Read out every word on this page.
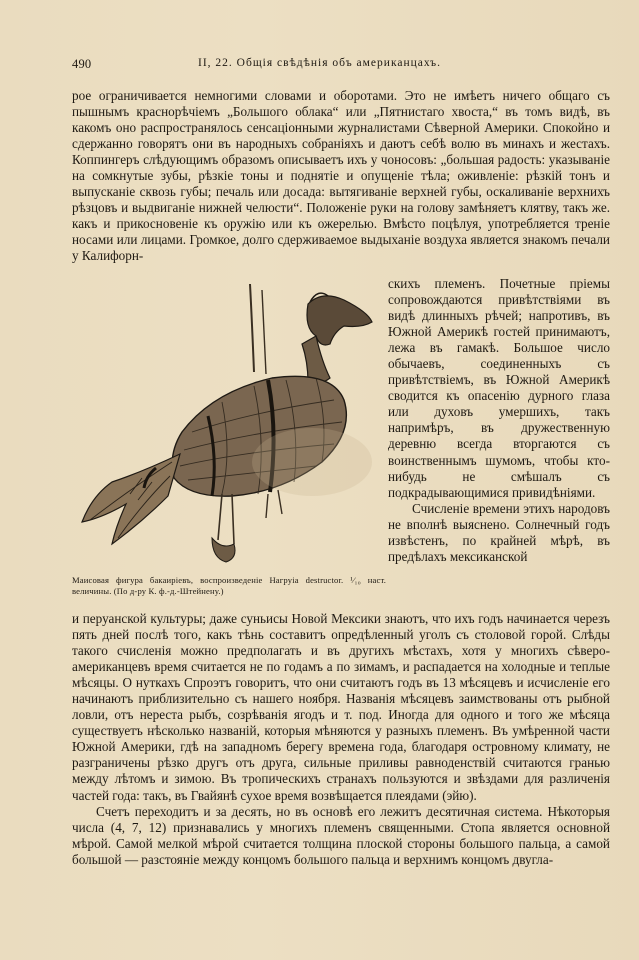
490	II, 22. Общія свѣдѣнія объ американцахъ.

рое ограничивается немногими словами и оборотами. Это не имѣетъ ничего общаго съ пышнымъ краснорѣчіемъ „Большого облака“ или „Пятнистаго хвоста,“ въ томъ видѣ, въ какомъ оно распространялось сенсаціонными журналистами Сѣверной Америки. Спокойно и сдержанно говорятъ они въ народныхъ собраніяхъ и даютъ себѣ волю въ минахъ и жестахъ. Коппингеръ слѣдующимъ образомъ описываетъ ихъ у чоносовъ: „большая радость: указываніе на сомкнутые зубы, рѣзкіе тоны и поднятіе и опущеніе тѣла; оживленіе: рѣзкій тонъ и выпусканіе сквозь губы; печаль или досада: вытягиваніе верхней губы, оскаливаніе верхнихъ рѣзцовъ и выдвиганіе нижней челюсти“. Положеніе руки на голову замѣняетъ клятву, такъ же. какъ и прикосновеніе къ оружію или къ ожерелью. Вмѣсто поцѣлуя, употребляется треніе носами или лицами. Громкое, долго сдерживаемое выдыханіе воздуха является знакомъ печали у Калифорн-

Маисовая фигура бакаиріевъ, воспроизведеніе Hагруіа destructor. ¹⁄₁₀ наст. величины. (По д-ру К. ф.-д.-Штейнену.)

скихъ племенъ. Почетные пріемы сопровождаются привѣтствіями въ видѣ длинныхъ рѣчей; напротивъ, въ Южной Америкѣ гостей принимаютъ, лежа въ гамакѣ. Большое число обычаевъ, соединенныхъ съ привѣтствіемъ, въ Южной Америкѣ сводится къ опасенію дурного глаза или духовъ умершихъ, такъ напримѣръ, въ дружественную деревню всегда вторгаются съ воинственнымъ шумомъ, чтобы кто-нибудь не смѣшалъ съ подкрадывающимися привидѣніями.

Счисленіе времени этихъ народовъ не вполнѣ выяснено. Солнечный годъ извѣстенъ, по крайней мѣрѣ, въ предѣлахъ мексиканской

и перуанской культуры; даже суньисы Новой Мексики знаютъ, что ихъ годъ начинается черезъ пять дней послѣ того, какъ тѣнь составитъ опредѣленный уголъ съ столовой горой. Слѣды такого счисленія можно предполагать и въ другихъ мѣстахъ, хотя у многихъ сѣверо-американцевъ время считается не по годамъ а по зимамъ, и распадается на холодные и теплые мѣсяцы. О нуткахъ Спроэтъ говоритъ, что они считаютъ годъ въ 13 мѣсяцевъ и исчисленіе его начинаютъ приблизительно съ нашего ноября. Названія мѣсяцевъ заимствованы отъ рыбной ловли, отъ нереста рыбъ, созрѣванія ягодъ и т. под. Иногда для одного и того же мѣсяца существуетъ нѣсколько названій, которыя мѣняются у разныхъ племенъ. Въ умѣренной части Южной Америки, гдѣ на западномъ берегу времена года, благодаря островному климату, не разграничены рѣзко другъ отъ друга, сильные приливы равноденствій считаются гранью между лѣтомъ и зимою. Въ тропическихъ странахъ пользуются и звѣздами для различенія частей года: такъ, въ Гвайянѣ сухое время возвѣщается плеядами (эйю).

Счетъ переходитъ и за десять, но въ основѣ его лежитъ десятичная система. Нѣкоторыя числа (4, 7, 12) признавались у многихъ племенъ священными. Стопа является основной мѣрой. Самой мелкой мѣрой считается толщина плоской стороны большого пальца, а самой большой — разстояніе между концомъ большого пальца и верхнимъ концомъ двугла-
